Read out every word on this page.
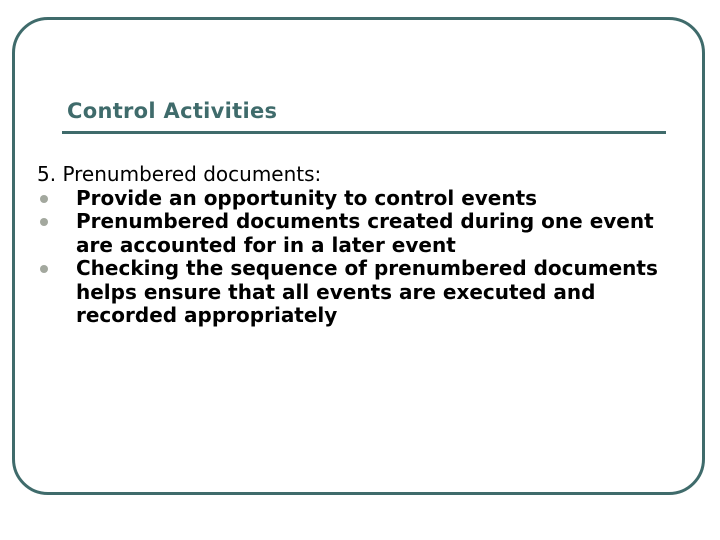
Control Activities

5. Prenumbered documents:

Provide an opportunity to control events
Prenumbered documents created during one event are accounted for in a later event
Checking the sequence of prenumbered documents helps ensure that all events are executed and recorded appropriately
